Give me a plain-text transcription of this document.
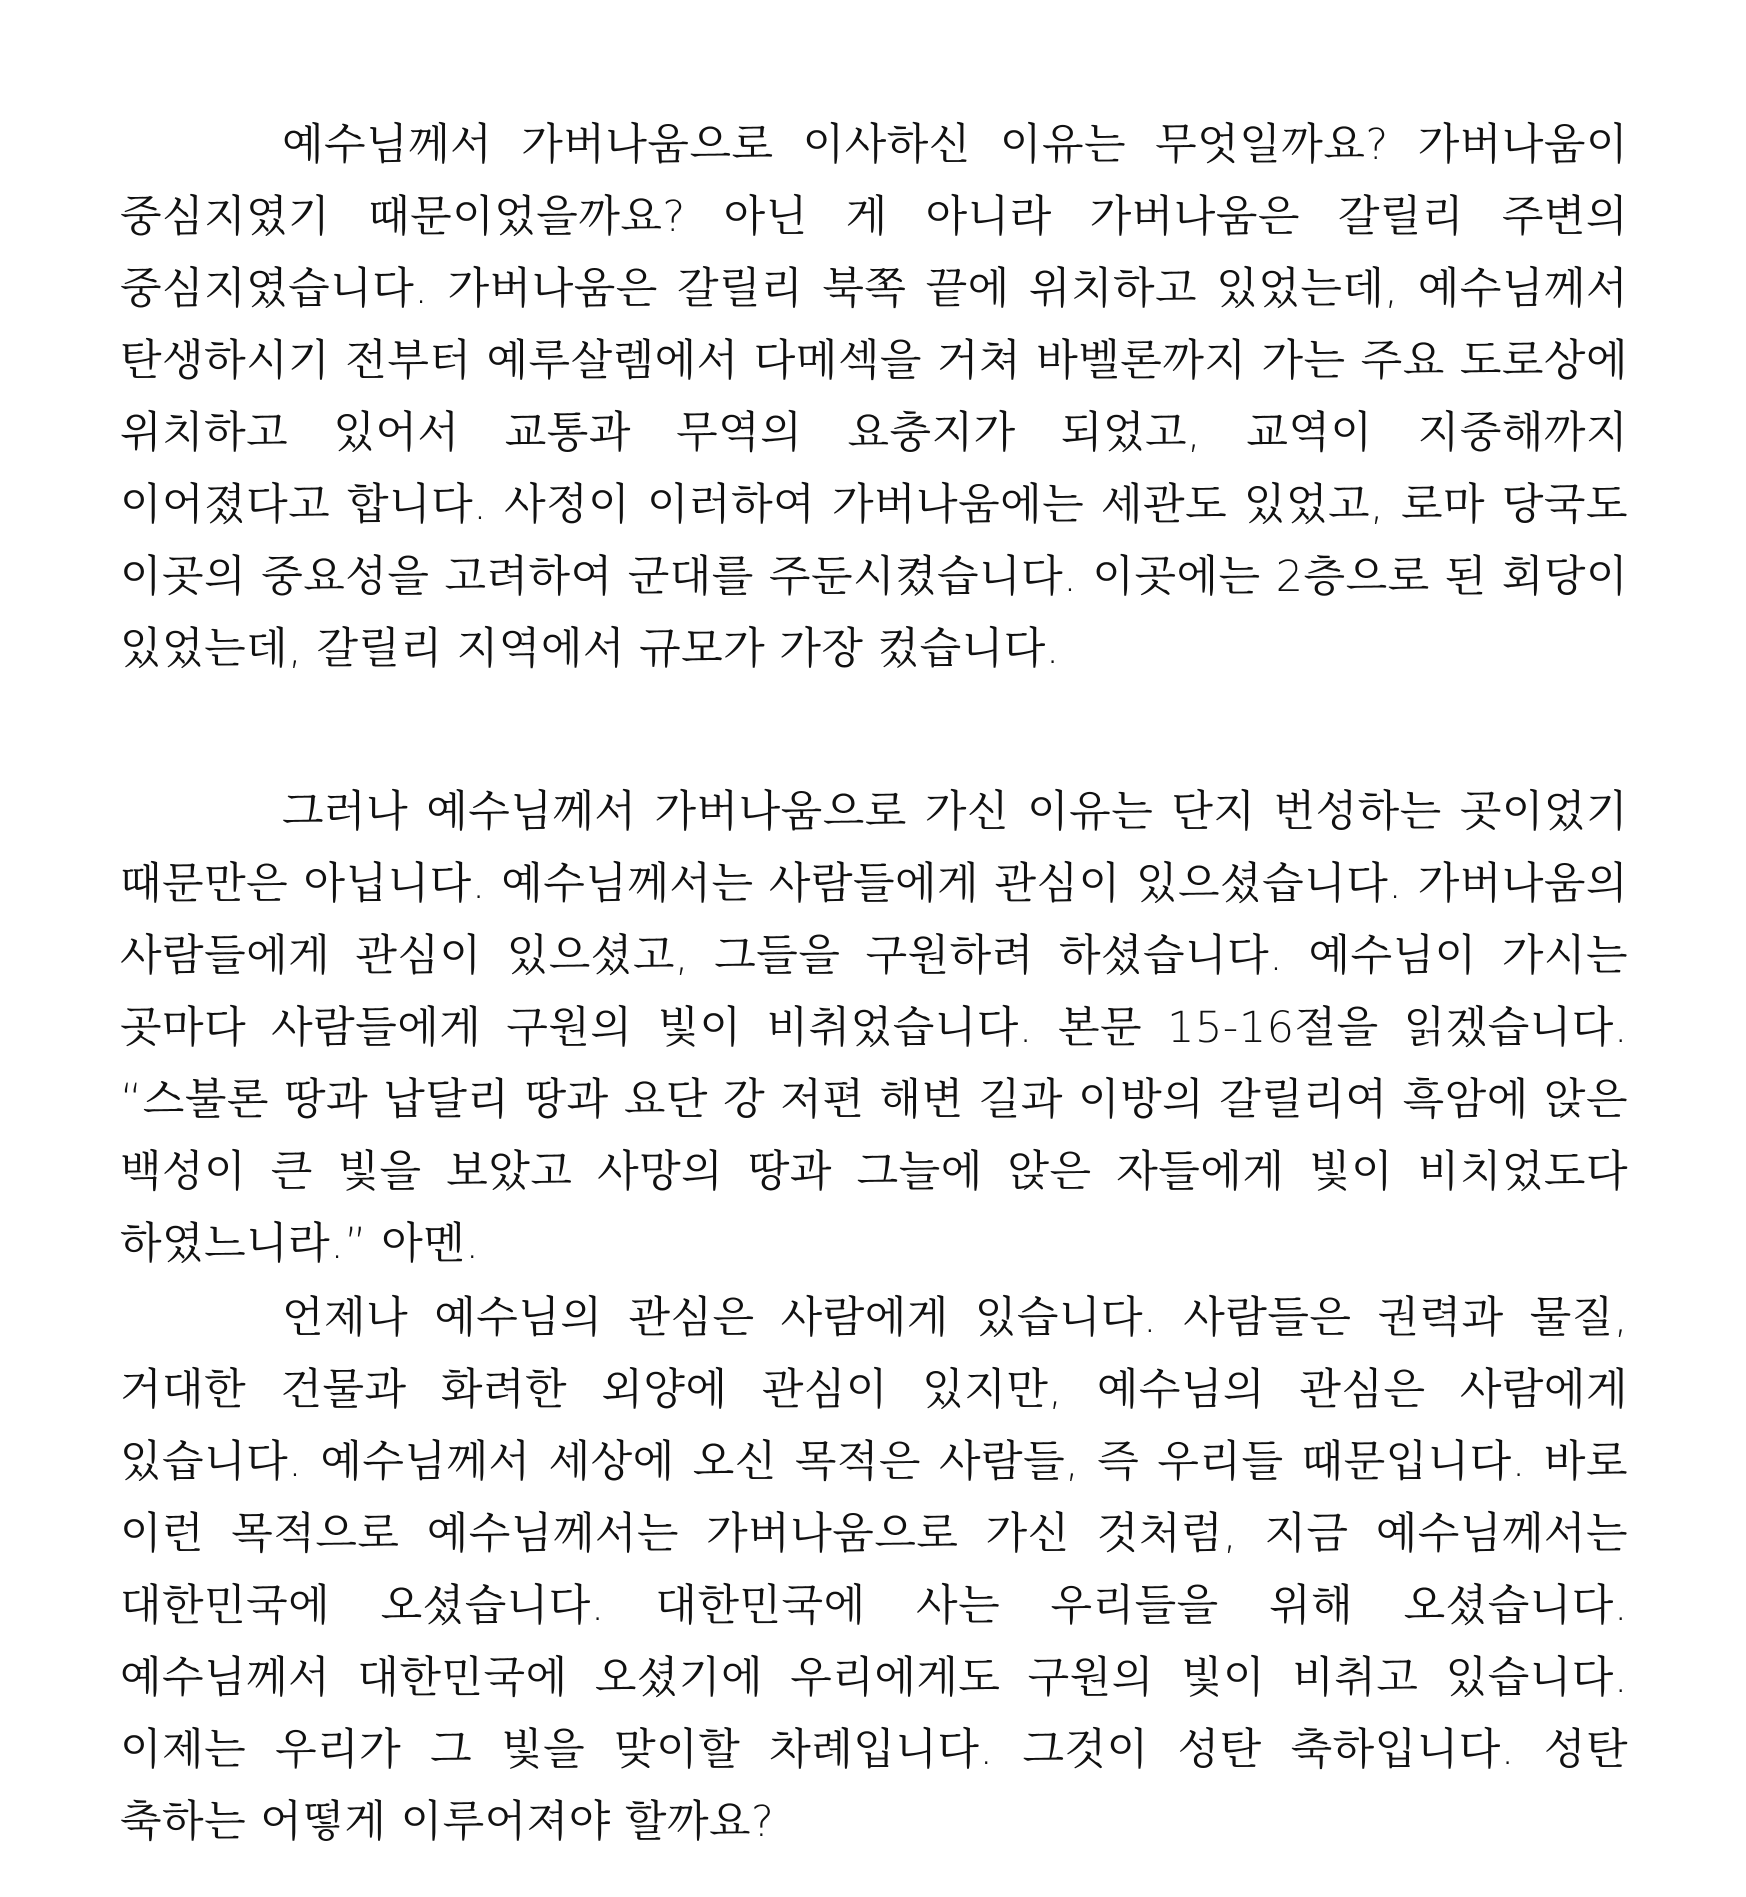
예수님께서 가버나움으로 이사하신 이유는 무엇일까요? 가버나움이 중심지였기 때문이었을까요? 아닌 게 아니라 가버나움은 갈릴리 주변의 중심지였습니다. 가버나움은 갈릴리 북쪽 끝에 위치하고 있었는데, 예수님께서 탄생하시기 전부터 예루살렘에서 다메섹을 거쳐 바벨론까지 가는 주요 도로상에 위치하고 있어서 교통과 무역의 요충지가 되었고, 교역이 지중해까지 이어졌다고 합니다. 사정이 이러하여 가버나움에는 세관도 있었고, 로마 당국도 이곳의 중요성을 고려하여 군대를 주둔시켰습니다. 이곳에는 2층으로 된 회당이 있었는데, 갈릴리 지역에서 규모가 가장 컸습니다.

그러나 예수님께서 가버나움으로 가신 이유는 단지 번성하는 곳이었기 때문만은 아닙니다. 예수님께서는 사람들에게 관심이 있으셨습니다. 가버나움의 사람들에게 관심이 있으셨고, 그들을 구원하려 하셨습니다. 예수님이 가시는 곳마다 사람들에게 구원의 빛이 비취었습니다. 본문 15-16절을 읽겠습니다. “스불론 땅과 납달리 땅과 요단 강 저편 해변 길과 이방의 갈릴리여 흑암에 앉은 백성이 큰 빛을 보았고 사망의 땅과 그늘에 앉은 자들에게 빛이 비치었도다 하였느니라.” 아멘.

언제나 예수님의 관심은 사람에게 있습니다. 사람들은 권력과 물질, 거대한 건물과 화려한 외양에 관심이 있지만, 예수님의 관심은 사람에게 있습니다. 예수님께서 세상에 오신 목적은 사람들, 즉 우리들 때문입니다. 바로 이런 목적으로 예수님께서는 가버나움으로 가신 것처럼, 지금 예수님께서는 대한민국에 오셨습니다. 대한민국에 사는 우리들을 위해 오셨습니다. 예수님께서 대한민국에 오셨기에 우리에게도 구원의 빛이 비취고 있습니다. 이제는 우리가 그 빛을 맞이할 차례입니다. 그것이 성탄 축하입니다. 성탄 축하는 어떻게 이루어져야 할까요?
